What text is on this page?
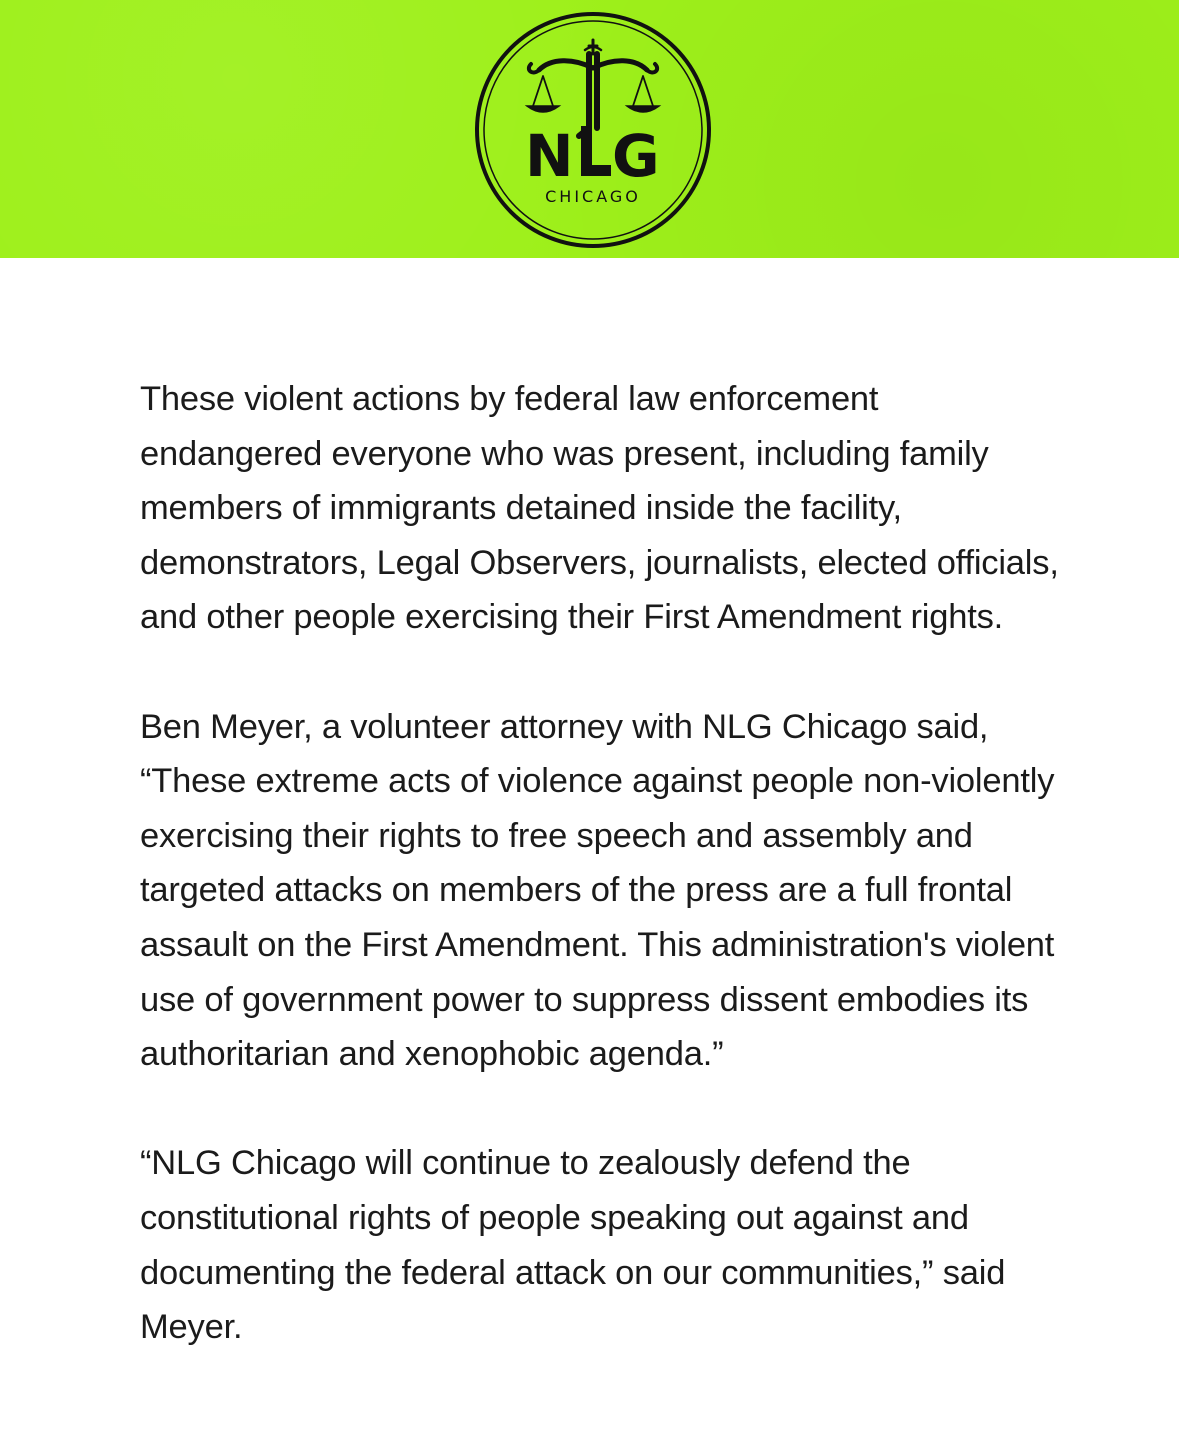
N G
CHICAGO

These violent actions by federal law enforcement
endangered everyone who was present, including family
members of immigrants detained inside the facility,
demonstrators, Legal Observers, journalists, elected officials,
and other people exercising their First Amendment rights.

Ben Meyer, a volunteer attorney with NLG Chicago said,
“These extreme acts of violence against people non-violently
exercising their rights to free speech and assembly and
targeted attacks on members of the press are a full frontal
assault on the First Amendment. This administration's violent
use of government power to suppress dissent embodies its
authoritarian and xenophobic agenda.”

“NLG Chicago will continue to zealously defend the
constitutional rights of people speaking out against and
documenting the federal attack on our communities,” said
Meyer.
